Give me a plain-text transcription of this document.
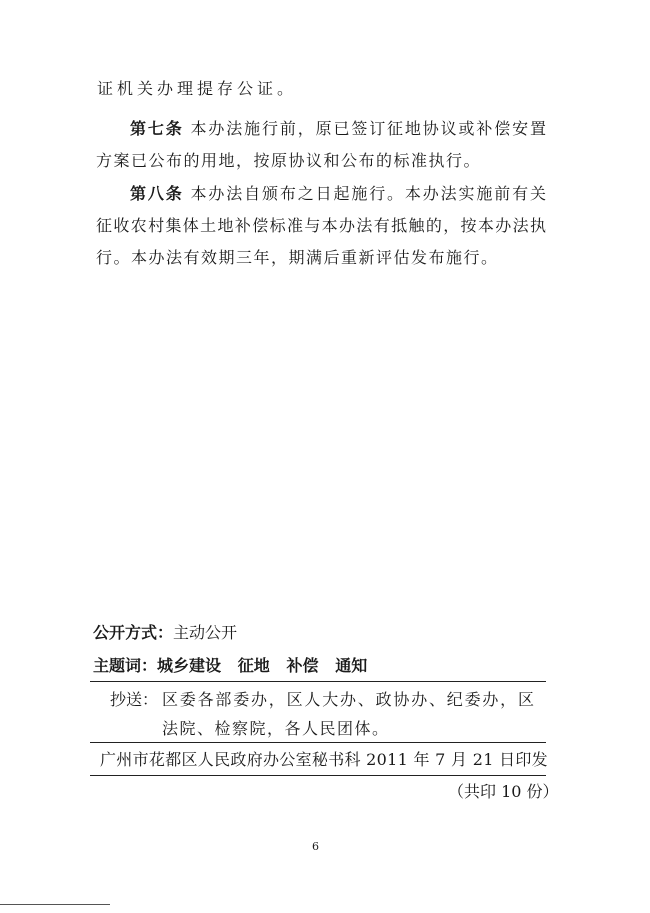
证机关办理提存公证。
第七条 本办法施行前，原已签订征地协议或补偿安置
方案已公布的用地，按原协议和公布的标准执行。
第八条 本办法自颁布之日起施行。本办法实施前有关
征收农村集体土地补偿标准与本办法有抵触的，按本办法执
行。本办法有效期三年，期满后重新评估发布施行。
公开方式：主动公开
主题词：城乡建设 征地 补偿 通知
抄送： 区委各部委办，区人大办、政协办、纪委办，区
法院、检察院，各人民团体。
广州市花都区人民政府办公室秘书科 2011 年 7 月 21 日印发
（共印 10 份）
6
